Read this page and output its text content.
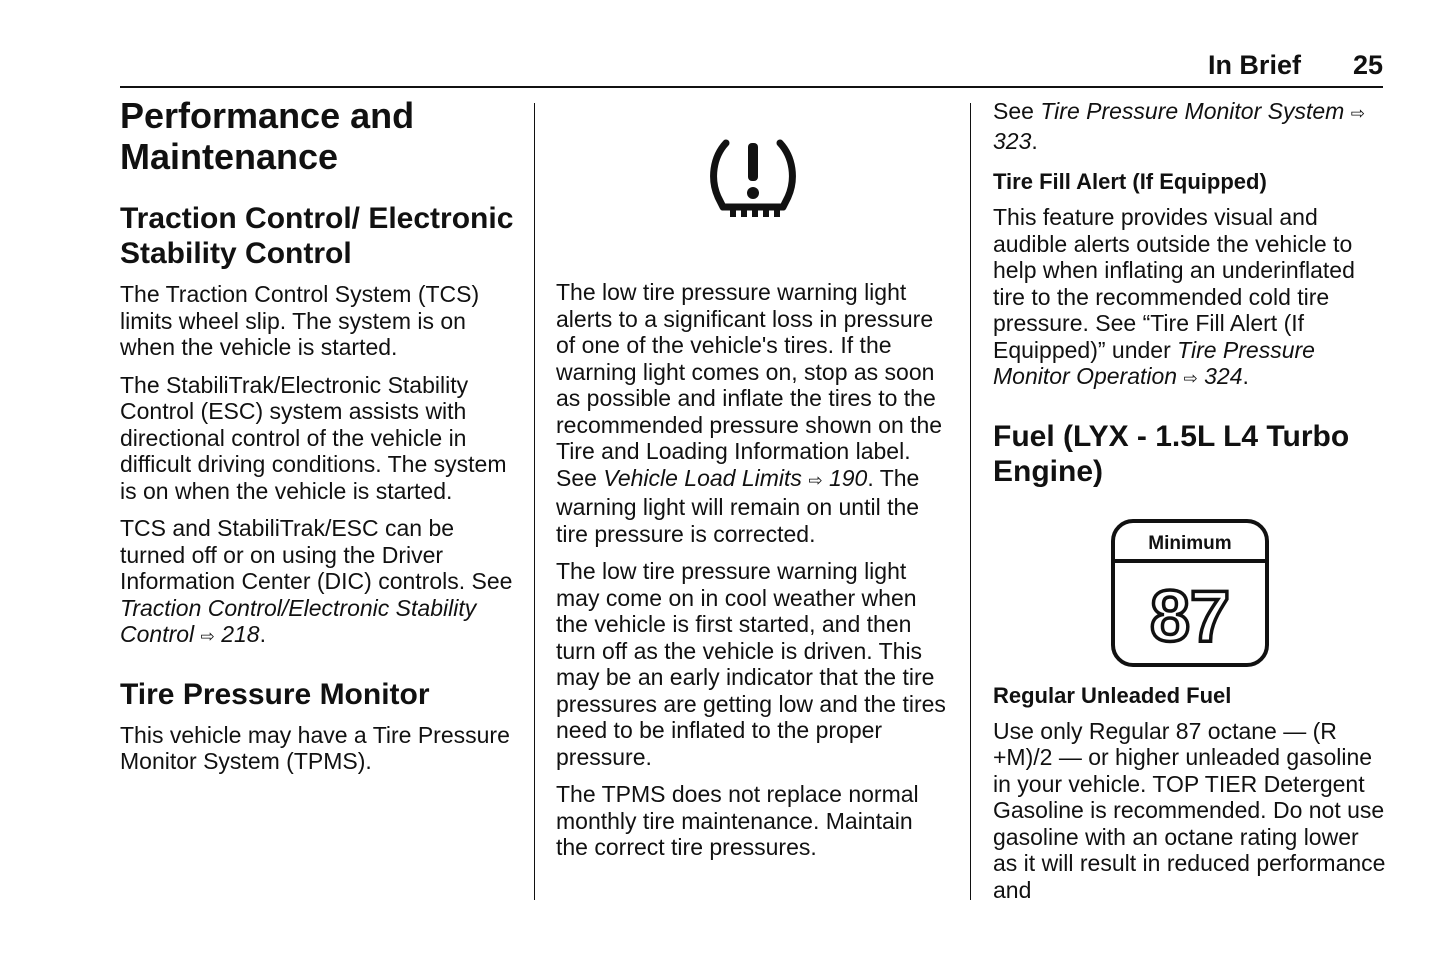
In Brief 25
Performance and Maintenance
Traction Control/ Electronic Stability Control

The Traction Control System (TCS) limits wheel slip. The system is on when the vehicle is started.

The StabiliTrak/Electronic Stability Control (ESC) system assists with directional control of the vehicle in difficult driving conditions. The system is on when the vehicle is started.

TCS and StabiliTrak/ESC can be turned off or on using the Driver Information Center (DIC) controls. See Traction Control/Electronic Stability Control ⇨ 218.

Tire Pressure Monitor

This vehicle may have a Tire Pressure Monitor System (TPMS).

The low tire pressure warning light alerts to a significant loss in pressure of one of the vehicle's tires. If the warning light comes on, stop as soon as possible and inflate the tires to the recommended pressure shown on the Tire and Loading Information label. See Vehicle Load Limits ⇨ 190. The warning light will remain on until the tire pressure is corrected.

The low tire pressure warning light may come on in cool weather when the vehicle is first started, and then turn off as the vehicle is driven. This may be an early indicator that the tire pressures are getting low and the tires need to be inflated to the proper pressure.

The TPMS does not replace normal monthly tire maintenance. Maintain the correct tire pressures.

See Tire Pressure Monitor System ⇨ 323.

Tire Fill Alert (If Equipped)

This feature provides visual and audible alerts outside the vehicle to help when inflating an underinflated tire to the recommended cold tire pressure. See “Tire Fill Alert (If Equipped)” under Tire Pressure Monitor Operation ⇨ 324.

Fuel (LYX - 1.5L L4 Turbo Engine)
Minimum
87
Regular Unleaded Fuel

Use only Regular 87 octane — (R +M)/2 — or higher unleaded gasoline in your vehicle. TOP TIER Detergent Gasoline is recommended. Do not use gasoline with an octane rating lower as it will result in reduced performance and
